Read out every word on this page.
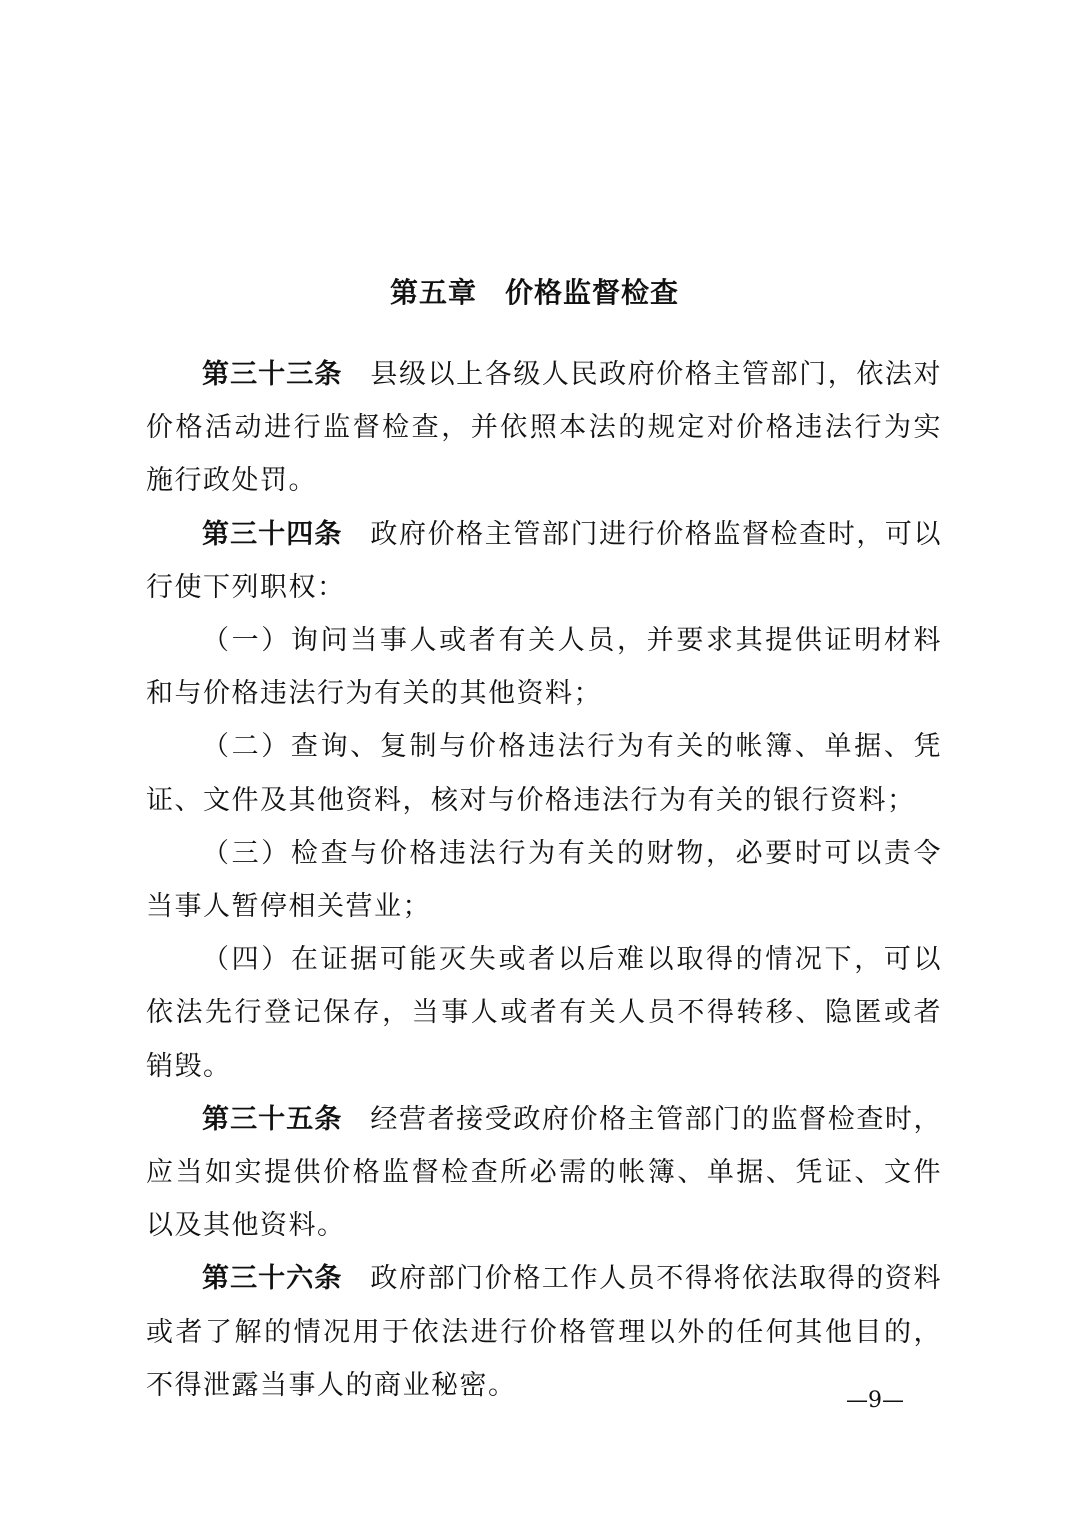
第五章 价格监督检查

第三十三条 县级以上各级人民政府价格主管部门，依法对价格活动进行监督检查，并依照本法的规定对价格违法行为实施行政处罚。

第三十四条 政府价格主管部门进行价格监督检查时，可以行使下列职权：

（一）询问当事人或者有关人员，并要求其提供证明材料和与价格违法行为有关的其他资料；

（二）查询、复制与价格违法行为有关的帐簿、单据、凭证、文件及其他资料，核对与价格违法行为有关的银行资料；

（三）检查与价格违法行为有关的财物，必要时可以责令当事人暂停相关营业；

（四）在证据可能灭失或者以后难以取得的情况下，可以依法先行登记保存，当事人或者有关人员不得转移、隐匿或者销毁。

第三十五条 经营者接受政府价格主管部门的监督检查时，应当如实提供价格监督检查所必需的帐簿、单据、凭证、文件以及其他资料。

第三十六条 政府部门价格工作人员不得将依法取得的资料或者了解的情况用于依法进行价格管理以外的任何其他目的，不得泄露当事人的商业秘密。	—9—
